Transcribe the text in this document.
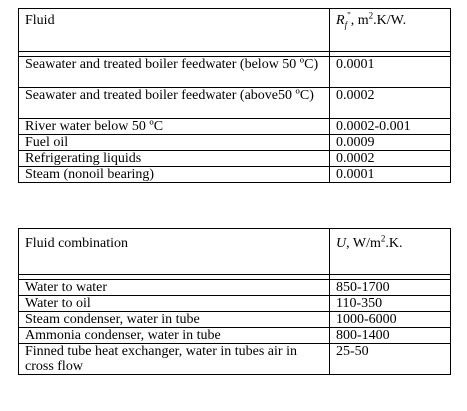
Fluid	$R_f^"$, $m^2.K/W$.

Seawater and treated boiler feedwater (below 50 ºC)	0.0001
Seawater and treated boiler feedwater (above50 ºC)	0.0002
River water below 50 ºC	0.0002-0.001
Fuel oil	0.0009
Refrigerating liquids	0.0002
Steam (nonoil bearing)	0.0001
Fluid combination	U, $W/m^2.K$.

Water to water	850-1700
Water to oil	110-350
Steam condenser, water in tube	1000-6000
Ammonia condenser, water in tube	800-1400
Finned tube heat exchanger, water in tubes air in cross flow	25-50
